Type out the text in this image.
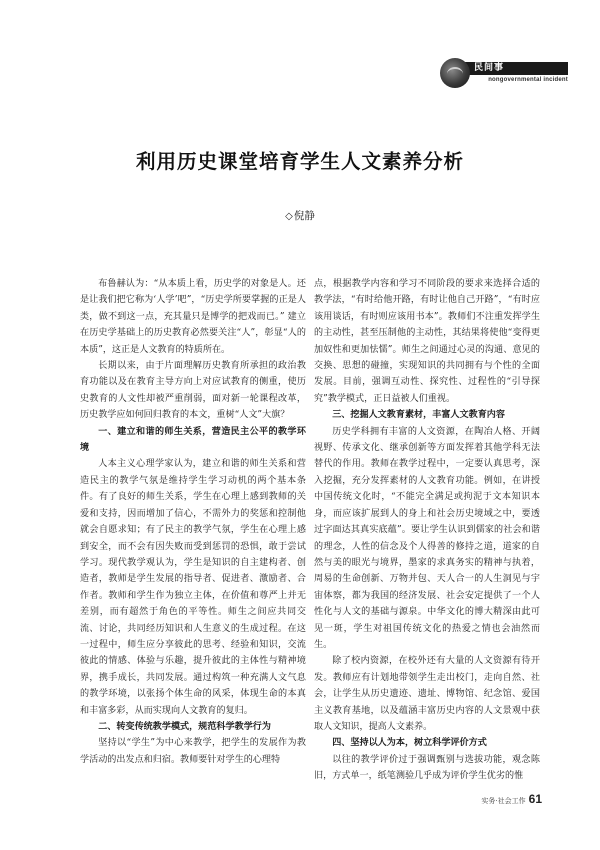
民间事
nongovernmental incident
利用历史课堂培育学生人文素养分析
◇倪静

布鲁赫认为：“从本质上看，历史学的对象是人。还是让我们把它称为‘人学’吧”，“历史学所要掌握的正是人类，做不到这一点，充其量只是博学的把戏而已。” 建立在历史学基础上的历史教育必然要关注“人”，彰显“人的本质”，这正是人文教育的特质所在。

长期以来，由于片面理解历史教育所承担的政治教育功能以及在教育主导方向上对应试教育的侧重，使历史教育的人文性却被严重削弱，面对新一轮课程改革，历史教学应如何回归教育的本文，重树“人文”大旗？

一、建立和谐的师生关系，营造民主公平的教学环境

人本主义心理学家认为，建立和谐的师生关系和营造民主的教学气氛是维持学生学习动机的两个基本条件。有了良好的师生关系，学生在心理上感到教师的关爱和支持，因而增加了信心，不需外力的奖惩和控制他就会自愿求知；有了民主的教学气氛，学生在心理上感到安全，而不会有因失败而受到惩罚的恐惧，敢于尝试学习。现代教学观认为，学生是知识的自主建构者、创造者，教师是学生发展的指导者、促进者、激励者、合作者。教师和学生作为独立主体，在价值和尊严上并无差别，而有超然于角色的平等性。师生之间应共同交流、讨论，共同经历知识和人生意义的生成过程。在这一过程中，师生应分享彼此的思考、经验和知识，交流彼此的情感、体验与乐趣，提升彼此的主体性与精神境界，携手成长，共同发展。通过构筑一种充满人文气息的教学环境，以张扬个体生命的风采，体现生命的本真和丰富多彩，从而实现向人文教育的复归。

二、转变传统教学模式，规范科学教学行为

坚持以“学生”为中心来教学，把学生的发展作为教学活动的出发点和归宿。教师要针对学生的心理特

点，根据教学内容和学习不同阶段的要求来选择合适的教学法，“有时给他开路，有时让他自己开路”，“有时应该用谈话，有时则应该用书本”。教师们不注重发挥学生的主动性，甚至压制他的主动性，其结果将使他“变得更加奴性和更加怯懦”。师生之间通过心灵的沟通、意见的交换、思想的碰撞，实现知识的共同拥有与个性的全面发展。目前，强调互动性、探究性、过程性的“引导探究”教学模式，正日益被人们重视。

三、挖掘人文教育素材，丰富人文教育内容

历史学科拥有丰富的人文资源，在陶冶人格、开阔视野、传承文化、继承创新等方面发挥着其他学科无法替代的作用。教师在教学过程中，一定要认真思考，深入挖掘，充分发挥素材的人文教育功能。例如，在讲授中国传统文化时，“不能完全满足或拘泥于文本知识本身，而应该扩展到人的身上和社会历史境域之中，要透过字面达其真实底蕴”。要让学生认识到儒家的社会和谐的理念，人性的信念及个人得善的修持之道，道家的自然与美的眼光与境界，墨家的求真务实的精神与执着，周易的生命创新、万物并包、天人合一的人生洞见与宇宙体察，都为我国的经济发展、社会安定提供了一个人性化与人文的基础与源泉。中华文化的博大精深由此可见一斑，学生对祖国传统文化的热爱之情也会油然而生。

除了校内资源，在校外还有大量的人文资源有待开发。教师应有计划地带领学生走出校门，走向自然、社会，让学生从历史遗迹、遗址、博物馆、纪念馆、爱国主义教育基地，以及蕴涵丰富历史内容的人文景观中获取人文知识，提高人文素养。

四、坚持以人为本，树立科学评价方式

以往的教学评价过于强调甄别与选拔功能，观念陈旧，方式单一，纸笔测验几乎成为评价学生优劣的惟

实务·社会工作 61
